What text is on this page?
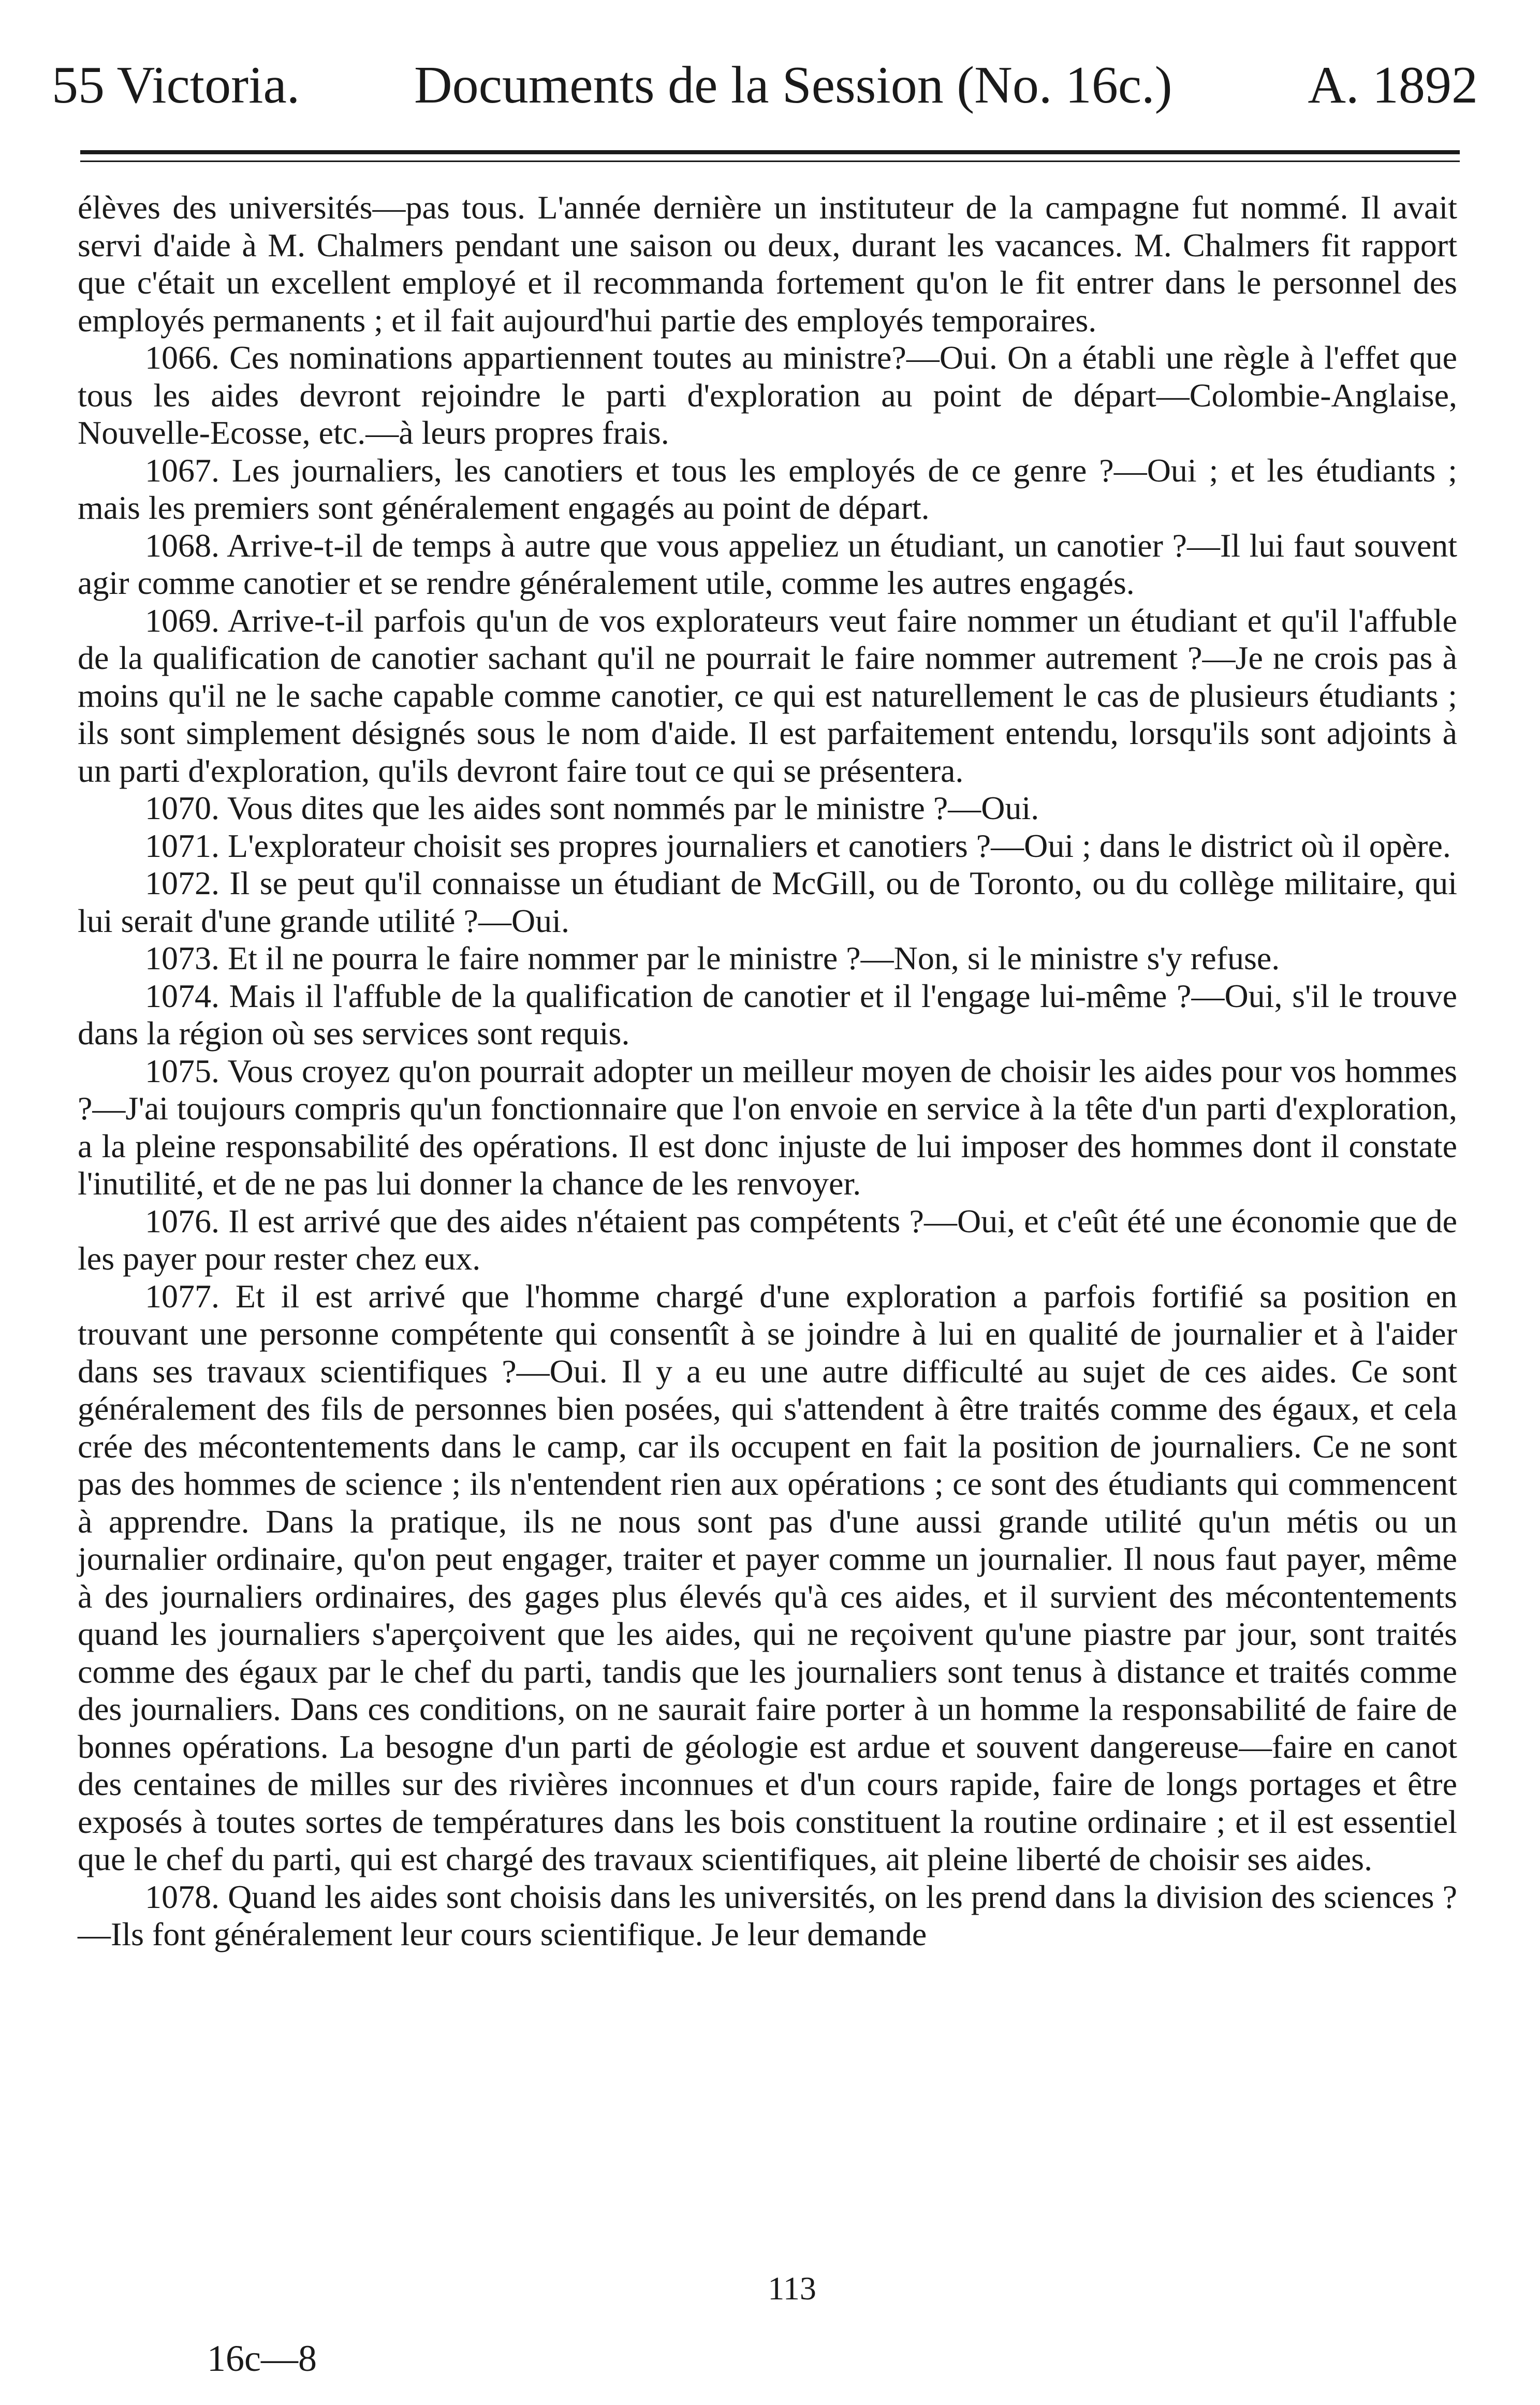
55 Victoria. Documents de la Session (No. 16c.)	A. 1892

élèves des universités—pas tous. L'année dernière un instituteur de la campagne fut nommé. Il avait servi d'aide à M. Chalmers pendant une saison ou deux, durant les vacances. M. Chalmers fit rapport que c'était un excellent employé et il recommanda fortement qu'on le fit entrer dans le personnel des employés permanents ; et il fait aujourd'hui partie des employés temporaires.

1066. Ces nominations appartiennent toutes au ministre?—Oui. On a établi une règle à l'effet que tous les aides devront rejoindre le parti d'exploration au point de départ—Colombie-Anglaise, Nouvelle-Ecosse, etc.—à leurs propres frais.

1067. Les journaliers, les canotiers et tous les employés de ce genre ?—Oui ; et les étudiants ; mais les premiers sont généralement engagés au point de départ.

1068. Arrive-t-il de temps à autre que vous appeliez un étudiant, un canotier ?—Il lui faut souvent agir comme canotier et se rendre généralement utile, comme les autres engagés.

1069. Arrive-t-il parfois qu'un de vos explorateurs veut faire nommer un étudiant et qu'il l'affuble de la qualification de canotier sachant qu'il ne pourrait le faire nommer autrement ?—Je ne crois pas à moins qu'il ne le sache capable comme canotier, ce qui est naturellement le cas de plusieurs étudiants ; ils sont simplement désignés sous le nom d'aide. Il est parfaitement entendu, lorsqu'ils sont adjoints à un parti d'exploration, qu'ils devront faire tout ce qui se présentera.

1070. Vous dites que les aides sont nommés par le ministre ?—Oui.

1071. L'explorateur choisit ses propres journaliers et canotiers ?—Oui ; dans le district où il opère.

1072. Il se peut qu'il connaisse un étudiant de McGill, ou de Toronto, ou du collège militaire, qui lui serait d'une grande utilité ?—Oui.

1073. Et il ne pourra le faire nommer par le ministre ?—Non, si le ministre s'y refuse.

1074. Mais il l'affuble de la qualification de canotier et il l'engage lui-même ?—Oui, s'il le trouve dans la région où ses services sont requis.

1075. Vous croyez qu'on pourrait adopter un meilleur moyen de choisir les aides pour vos hommes ?—J'ai toujours compris qu'un fonctionnaire que l'on envoie en service à la tête d'un parti d'exploration, a la pleine responsabilité des opérations. Il est donc injuste de lui imposer des hommes dont il constate l'inutilité, et de ne pas lui donner la chance de les renvoyer.

1076. Il est arrivé que des aides n'étaient pas compétents ?—Oui, et c'eût été une économie que de les payer pour rester chez eux.

1077. Et il est arrivé que l'homme chargé d'une exploration a parfois fortifié sa position en trouvant une personne compétente qui consentît à se joindre à lui en qualité de journalier et à l'aider dans ses travaux scientifiques ?—Oui. Il y a eu une autre difficulté au sujet de ces aides. Ce sont généralement des fils de personnes bien posées, qui s'attendent à être traités comme des égaux, et cela crée des mécontentements dans le camp, car ils occupent en fait la position de journaliers. Ce ne sont pas des hommes de science ; ils n'entendent rien aux opérations ; ce sont des étudiants qui commencent à apprendre. Dans la pratique, ils ne nous sont pas d'une aussi grande utilité qu'un métis ou un journalier ordinaire, qu'on peut engager, traiter et payer comme un journalier. Il nous faut payer, même à des journaliers ordinaires, des gages plus élevés qu'à ces aides, et il survient des mécontentements quand les journaliers s'aperçoivent que les aides, qui ne reçoivent qu'une piastre par jour, sont traités comme des égaux par le chef du parti, tandis que les journaliers sont tenus à distance et traités comme des journaliers. Dans ces conditions, on ne saurait faire porter à un homme la responsabilité de faire de bonnes opérations. La besogne d'un parti de géologie est ardue et souvent dangereuse—faire en canot des centaines de milles sur des rivières inconnues et d'un cours rapide, faire de longs portages et être exposés à toutes sortes de températures dans les bois constituent la routine ordinaire ; et il est essentiel que le chef du parti, qui est chargé des travaux scientifiques, ait pleine liberté de choisir ses aides.

1078. Quand les aides sont choisis dans les universités, on les prend dans la division des sciences ?—Ils font généralement leur cours scientifique. Je leur demande

113
16c—8
